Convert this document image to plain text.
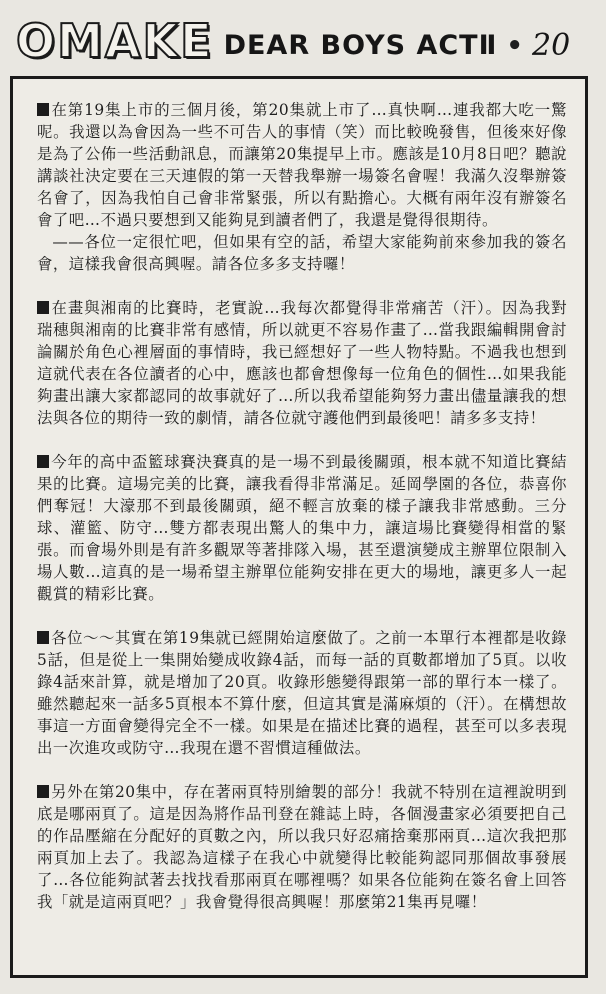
OMAKE DEAR BOYS ACTⅡ • 20

在第19集上市的三個月後，第20集就上市了…真快啊…連我都大吃一驚呢。我還以為會因為一些不可告人的事情（笑）而比較晚發售，但後來好像是為了公佈一些活動訊息，而讓第20集提早上市。應該是10月8日吧？聽說講談社決定要在三天連假的第一天替我舉辦一場簽名會喔！我滿久沒舉辦簽名會了，因為我怕自己會非常緊張，所以有點擔心。大概有兩年沒有辦簽名會了吧…不過只要想到又能夠見到讀者們了，我還是覺得很期待。

——各位一定很忙吧，但如果有空的話，希望大家能夠前來參加我的簽名會，這樣我會很高興喔。請各位多多支持囉！

在畫與湘南的比賽時，老實說…我每次都覺得非常痛苦（汗）。因為我對瑞穗與湘南的比賽非常有感情，所以就更不容易作畫了…當我跟編輯開會討論關於角色心裡層面的事情時，我已經想好了一些人物特點。不過我也想到這就代表在各位讀者的心中，應該也都會想像每一位角色的個性…如果我能夠畫出讓大家都認同的故事就好了…所以我希望能夠努力畫出儘量讓我的想法與各位的期待一致的劇情，請各位就守護他們到最後吧！請多多支持！

今年的高中盃籃球賽決賽真的是一場不到最後關頭，根本就不知道比賽結果的比賽。這場完美的比賽，讓我看得非常滿足。延岡學園的各位，恭喜你們奪冠！大濠那不到最後關頭，絕不輕言放棄的樣子讓我非常感動。三分球、灌籃、防守…雙方都表現出驚人的集中力，讓這場比賽變得相當的緊張。而會場外則是有許多觀眾等著排隊入場，甚至還演變成主辦單位限制入場人數…這真的是一場希望主辦單位能夠安排在更大的場地，讓更多人一起觀賞的精彩比賽。

各位～～其實在第19集就已經開始這麼做了。之前一本單行本裡都是收錄5話，但是從上一集開始變成收錄4話，而每一話的頁數都增加了5頁。以收錄4話來計算，就是增加了20頁。收錄形態變得跟第一部的單行本一樣了。雖然聽起來一話多5頁根本不算什麼，但這其實是滿麻煩的（汗）。在構想故事這一方面會變得完全不一樣。如果是在描述比賽的過程，甚至可以多表現出一次進攻或防守…我現在還不習慣這種做法。

另外在第20集中，存在著兩頁特別繪製的部分！我就不特別在這裡說明到底是哪兩頁了。這是因為將作品刊登在雜誌上時，各個漫畫家必須要把自己的作品壓縮在分配好的頁數之內，所以我只好忍痛捨棄那兩頁…這次我把那兩頁加上去了。我認為這樣子在我心中就變得比較能夠認同那個故事發展了…各位能夠試著去找找看那兩頁在哪裡嗎？如果各位能夠在簽名會上回答我「就是這兩頁吧？」我會覺得很高興喔！那麼第21集再見囉！
